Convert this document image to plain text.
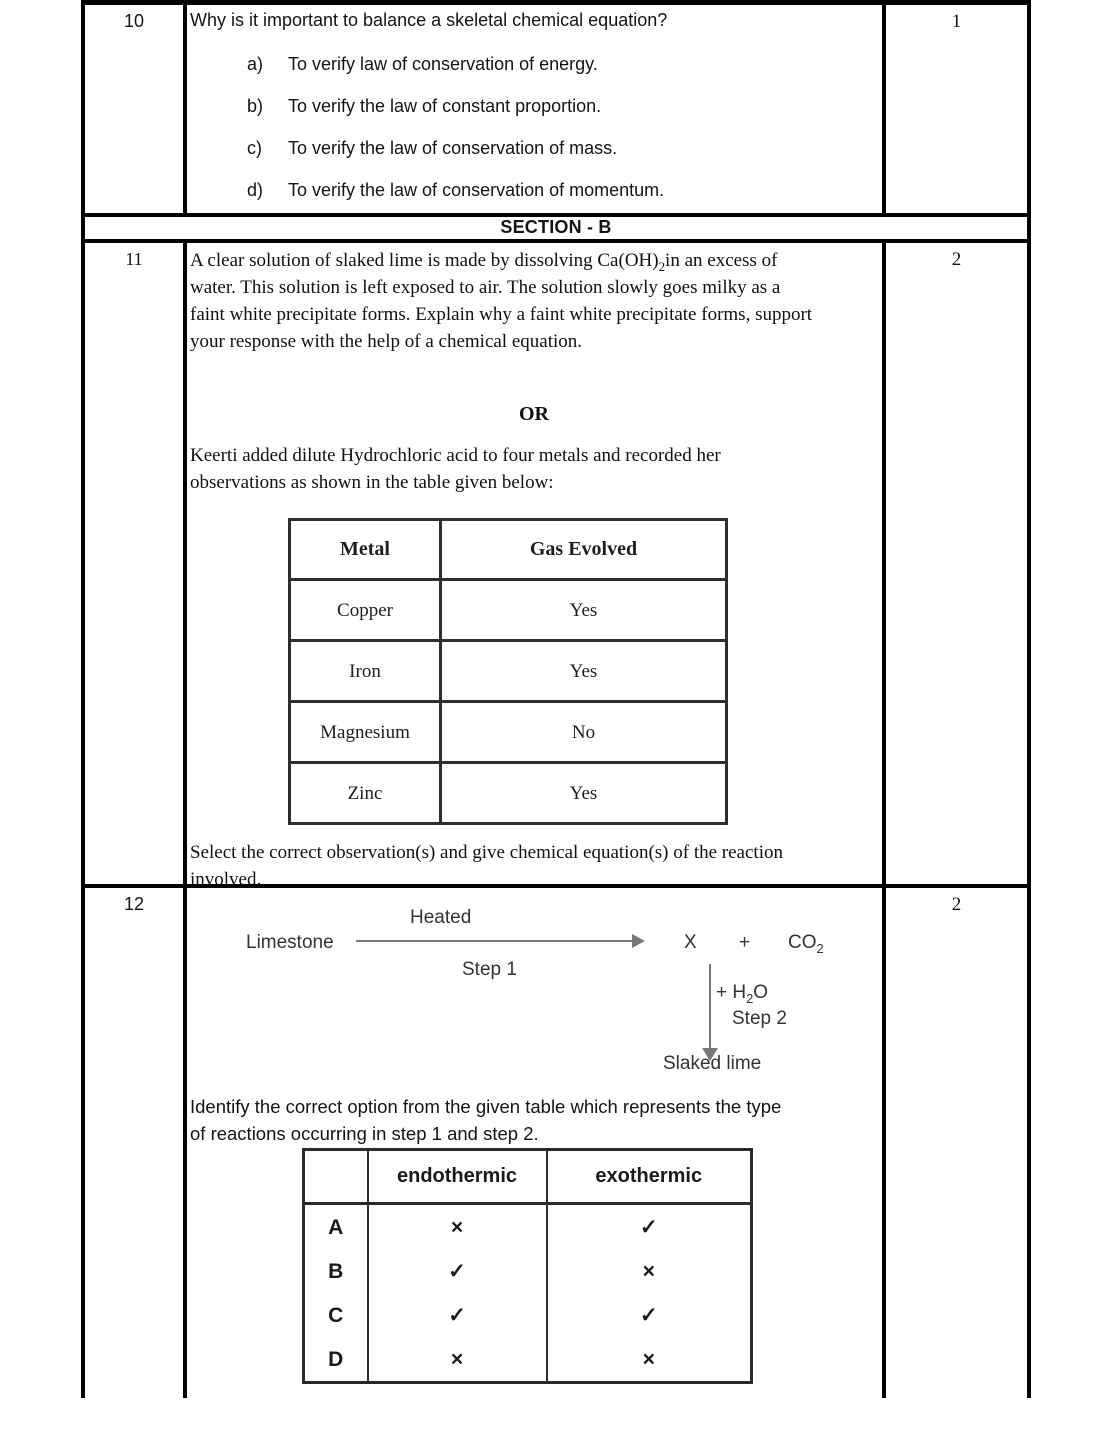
10	Why is it important to balance a skeletal chemical equation?
a)	To verify law of conservation of energy.
b)	To verify the law of constant proportion.
c)	To verify the law of conservation of mass.
d)	To verify the law of conservation of momentum.
1
SECTION - B
11	A clear solution of slaked lime is made by dissolving $Ca(OH)_2in$ an excess of
water. This solution is left exposed to air. The solution slowly goes milky as a
faint white precipitate forms. Explain why a faint white precipitate forms, support
your response with the help of a chemical equation.
OR
Keerti added dilute Hydrochloric acid to four metals and recorded her
observations as shown in the table given below:
Metal	Gas Evolved
Copper	Yes
Iron	Yes
Magnesium	No
Zinc	Yes
Select the correct observation(s) and give chemical equation(s) of the reaction
involved.
2
12
Heated
Limestone	$X + CO_2$
Step 1
+ $H_2O$
Step 2
Slaked lime
Identify the correct option from the given table which represents the type
of reactions occurring in step 1 and step 2.
	endothermic	exothermic
A	×	✓
B	✓	×
C	✓	✓
D	×	×
2
